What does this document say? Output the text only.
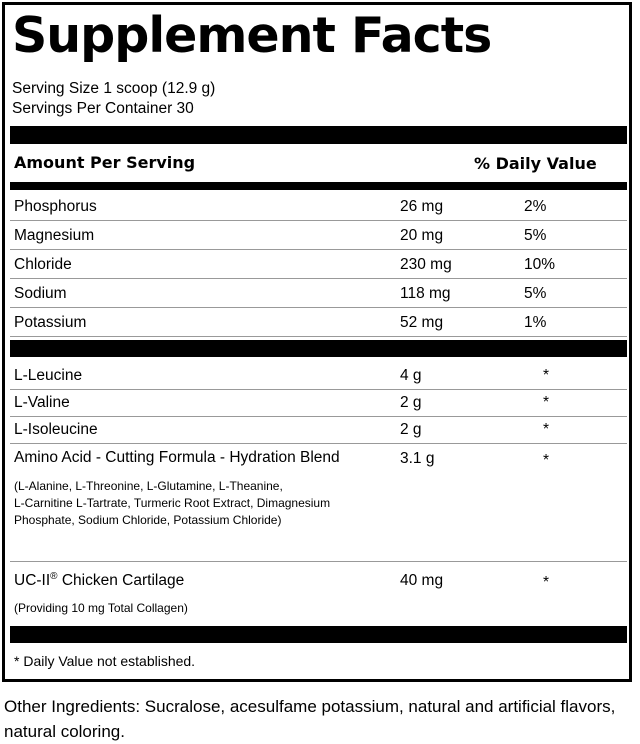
Supplement Facts
Serving Size 1 scoop (12.9 g)
Servings Per Container 30
Amount Per Serving	% Daily Value
Phosphorus	26 mg	2%
Magnesium	20 mg	5%
Chloride	230 mg	10%
Sodium	118 mg	5%
Potassium	52 mg	1%
L-Leucine	4 g	*
L-Valine	2 g	*
L-Isoleucine	2 g	*
Amino Acid - Cutting Formula - Hydration Blend	3.1 g	*
(L-Alanine, L-Threonine, L-Glutamine, L-Theanine,
L-Carnitine L-Tartrate, Turmeric Root Extract, Dimagnesium
Phosphate, Sodium Chloride, Potassium Chloride)
UC-II® Chicken Cartilage	40 mg	*
(Providing 10 mg Total Collagen)
* Daily Value not established.
Other Ingredients: Sucralose, acesulfame potassium, natural and artificial flavors, natural coloring.
